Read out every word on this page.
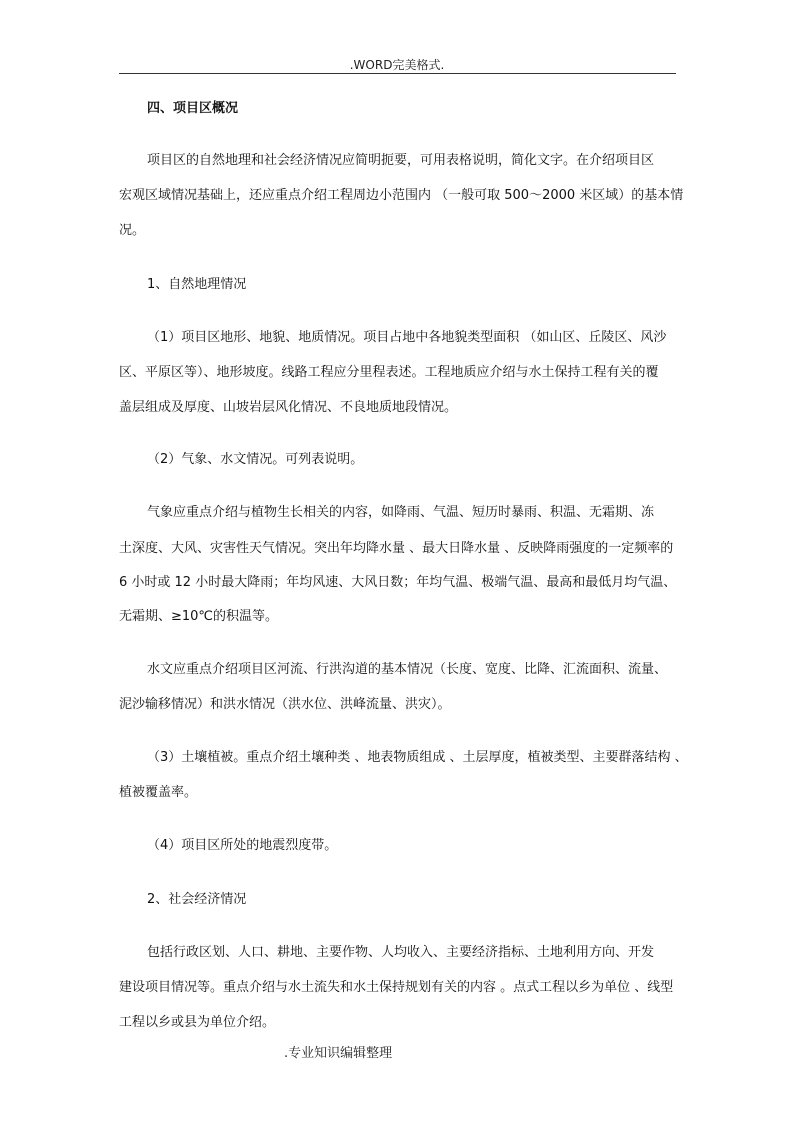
.WORD完美格式.
四、项目区概况
项目区的自然地理和社会经济情况应简明扼要，可用表格说明，简化文字。在介绍项目区
宏观区域情况基础上，还应重点介绍工程周边小范围内 （一般可取 500～2000 米区域）的基本情
况。
1、自然地理情况
（1）项目区地形、地貌、地质情况。项目占地中各地貌类型面积 （如山区、丘陵区、风沙
区、平原区等）、地形坡度。线路工程应分里程表述。工程地质应介绍与水土保持工程有关的覆
盖层组成及厚度、山坡岩层风化情况、不良地质地段情况。
（2）气象、水文情况。可列表说明。
气象应重点介绍与植物生长相关的内容，如降雨、气温、短历时暴雨、积温、无霜期、冻
土深度、大风、灾害性天气情况。突出年均降水量 、最大日降水量 、反映降雨强度的一定频率的
6 小时或 12 小时最大降雨；年均风速、大风日数；年均气温、极端气温、最高和最低月均气温、
无霜期、≥10℃的积温等。
水文应重点介绍项目区河流、行洪沟道的基本情况（长度、宽度、比降、汇流面积、流量、
泥沙输移情况）和洪水情况（洪水位、洪峰流量、洪灾）。
（3）土壤植被。重点介绍土壤种类 、地表物质组成 、土层厚度，植被类型、主要群落结构 、
植被覆盖率。
（4）项目区所处的地震烈度带。
2、社会经济情况
包括行政区划、人口、耕地、主要作物、人均收入、主要经济指标、土地利用方向、开发
建设项目情况等。重点介绍与水土流失和水土保持规划有关的内容 。点式工程以乡为单位 、线型
工程以乡或县为单位介绍。
.专业知识编辑整理
